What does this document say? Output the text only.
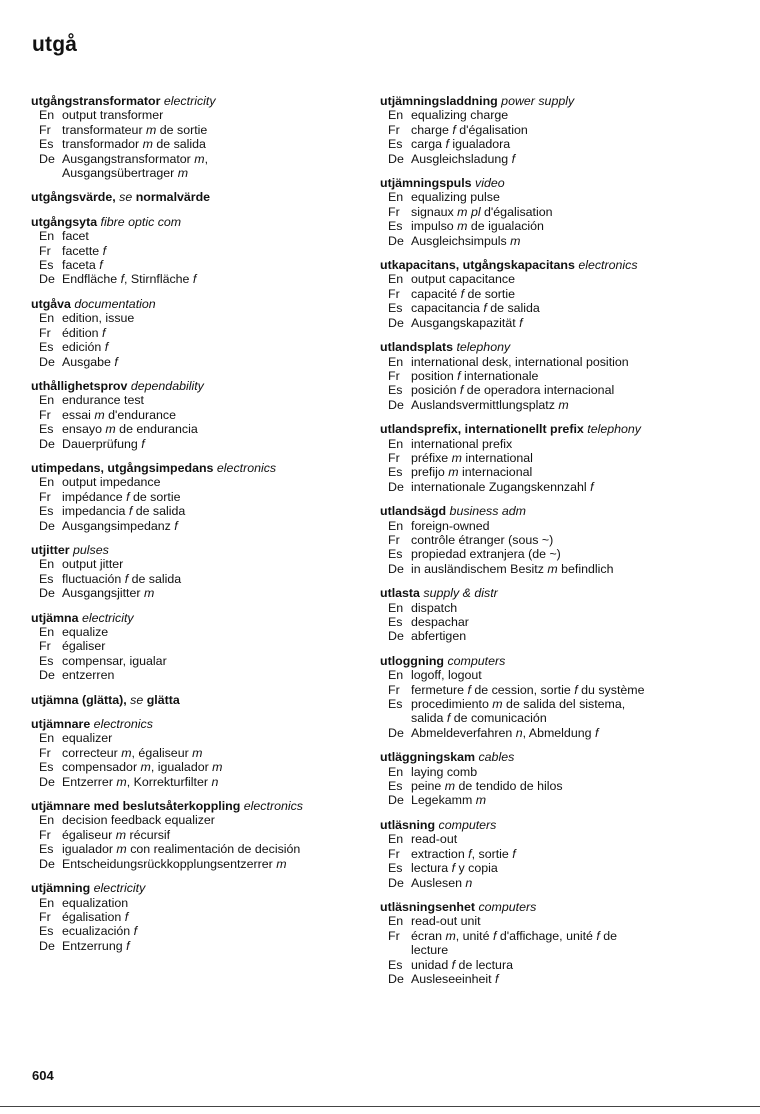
utgå
utgångstransformator electricity
En output transformer
Fr transformateur m de sortie
Es transformador m de salida
De Ausgangstransformator m,
Ausgangsübertrager m
utgångsvärde, se normalvärde
utgångsyta fibre optic com
En facet
Fr facette f
Es faceta f
De Endfläche f, Stirnfläche f
utgåva documentation
En edition, issue
Fr édition f
Es edición f
De Ausgabe f
uthållighetsprov dependability
En endurance test
Fr essai m d'endurance
Es ensayo m de endurancia
De Dauerprüfung f
utimpedans, utgångsimpedans electronics
En output impedance
Fr impédance f de sortie
Es impedancia f de salida
De Ausgangsimpedanz f
utjitter pulses
En output jitter
Es fluctuación f de salida
De Ausgangsjitter m
utjämna electricity
En equalize
Fr égaliser
Es compensar, igualar
De entzerren
utjämna (glätta), se glätta
utjämnare electronics
En equalizer
Fr correcteur m, égaliseur m
Es compensador m, igualador m
De Entzerrer m, Korrekturfilter n
utjämnare med beslutsåterkoppling electronics
En decision feedback equalizer
Fr égaliseur m récursif
Es igualador m con realimentación de decisión
De Entscheidungsrückkopplungsentzerrer m
utjämning electricity
En equalization
Fr égalisation f
Es ecualización f
De Entzerrung f
utjämningsladdning power supply
En equalizing charge
Fr charge f d'égalisation
Es carga f igualadora
De Ausgleichsladung f
utjämningspuls video
En equalizing pulse
Fr signaux m pl d'égalisation
Es impulso m de igualación
De Ausgleichsimpuls m
utkapacitans, utgångskapacitans electronics
En output capacitance
Fr capacité f de sortie
Es capacitancia f de salida
De Ausgangskapazität f
utlandsplats telephony
En international desk, international position
Fr position f internationale
Es posición f de operadora internacional
De Auslandsvermittlungsplatz m
utlandsprefix, internationellt prefix telephony
En international prefix
Fr préfixe m international
Es prefijo m internacional
De internationale Zugangskennzahl f
utlandsägd business adm
En foreign-owned
Fr contrôle étranger (sous ~)
Es propiedad extranjera (de ~)
De in ausländischem Besitz m befindlich
utlasta supply & distr
En dispatch
Es despachar
De abfertigen
utloggning computers
En logoff, logout
Fr fermeture f de cession, sortie f du système
Es procedimiento m de salida del sistema,
salida f de comunicación
De Abmeldeverfahren n, Abmeldung f
utläggningskam cables
En laying comb
Es peine m de tendido de hilos
De Legekamm m
utläsning computers
En read-out
Fr extraction f, sortie f
Es lectura f y copia
De Auslesen n
utläsningsenhet computers
En read-out unit
Fr écran m, unité f d'affichage, unité f de
lecture
Es unidad f de lectura
De Ausleseeinheit f
604
